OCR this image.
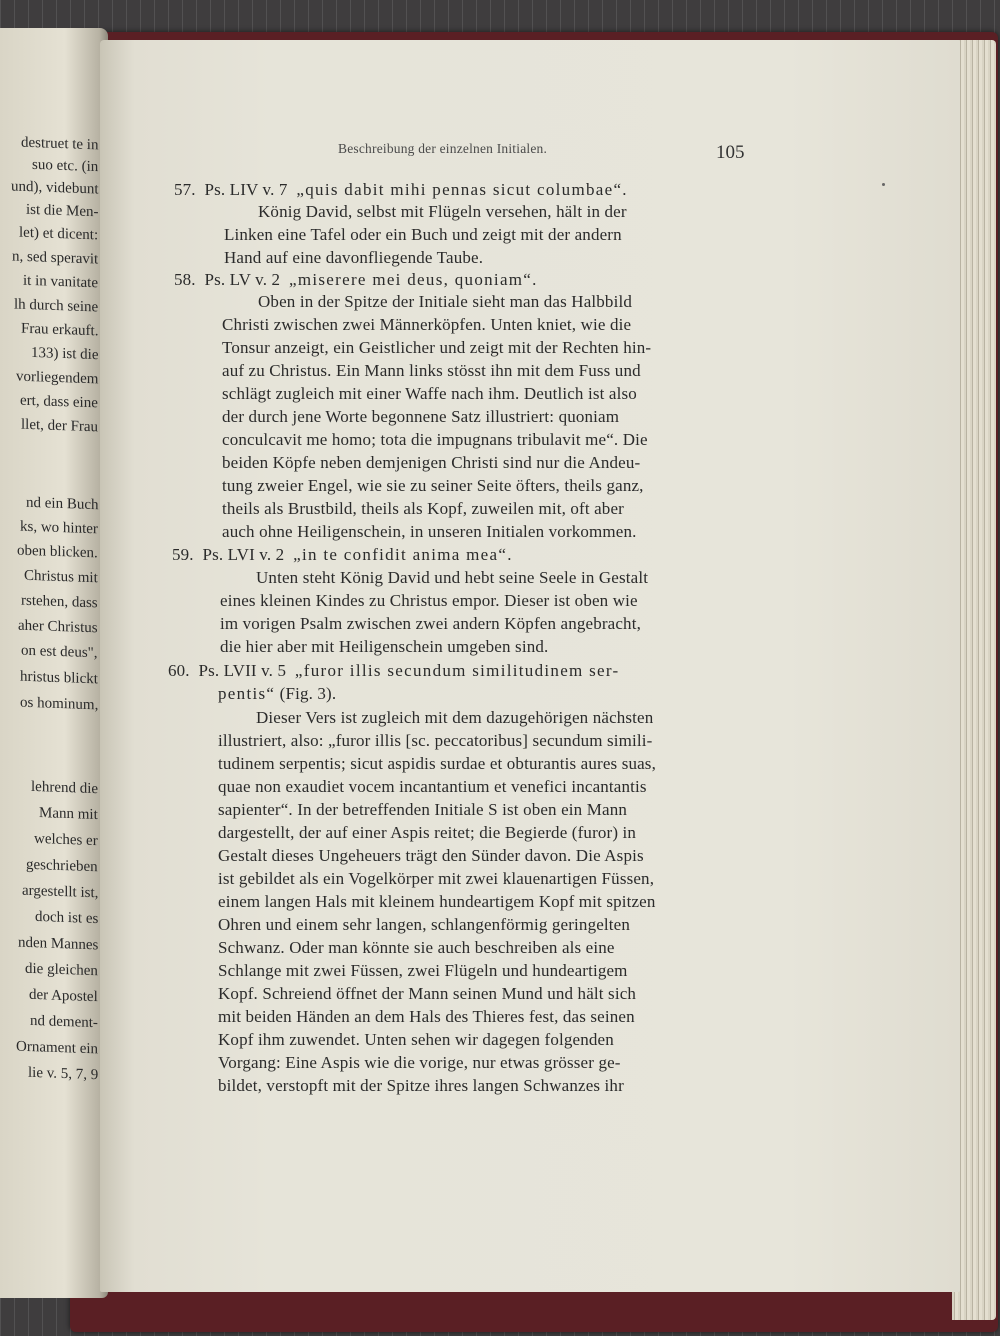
destruet te in
suo etc. (in
und), videbunt
ist die Men-
let) et dicent:
n, sed speravit
it in vanitate
lh durch seine
Frau erkauft.
133) ist die
vorliegendem
ert, dass eine
llet, der Frau
nd ein Buch
ks, wo hinter
oben blicken.
Christus mit
rstehen, dass
aher Christus
on est deus",
hristus blickt
os hominum,
lehrend die
Mann mit
welches er
geschrieben
argestellt ist,
doch ist es
nden Mannes
die gleichen
der Apostel
nd dement-
Ornament ein
lie v. 5, 7, 9
Beschreibung der einzelnen Initialen.	105
57. Ps. LIV v. 7 „quis dabit mihi pennas sicut columbae“.
König David, selbst mit Flügeln versehen, hält in der
Linken eine Tafel oder ein Buch und zeigt mit der andern
Hand auf eine davonfliegende Taube.
58. Ps. LV v. 2 „miserere mei deus, quoniam“.
Oben in der Spitze der Initiale sieht man das Halbbild
Christi zwischen zwei Männerköpfen. Unten kniet, wie die
Tonsur anzeigt, ein Geistlicher und zeigt mit der Rechten hin-
auf zu Christus. Ein Mann links stösst ihn mit dem Fuss und
schlägt zugleich mit einer Waffe nach ihm. Deutlich ist also
der durch jene Worte begonnene Satz illustriert: quoniam
conculcavit me homo; tota die impugnans tribulavit me“. Die
beiden Köpfe neben demjenigen Christi sind nur die Andeu-
tung zweier Engel, wie sie zu seiner Seite öfters, theils ganz,
theils als Brustbild, theils als Kopf, zuweilen mit, oft aber
auch ohne Heiligenschein, in unseren Initialen vorkommen.
59. Ps. LVI v. 2 „in te confidit anima mea“.
Unten steht König David und hebt seine Seele in Gestalt
eines kleinen Kindes zu Christus empor. Dieser ist oben wie
im vorigen Psalm zwischen zwei andern Köpfen angebracht,
die hier aber mit Heiligenschein umgeben sind.
60. Ps. LVII v. 5 „furor illis secundum similitudinem ser-
pentis“ (Fig. 3).
Dieser Vers ist zugleich mit dem dazugehörigen nächsten
illustriert, also: „furor illis [sc. peccatoribus] secundum simili-
tudinem serpentis; sicut aspidis surdae et obturantis aures suas,
quae non exaudiet vocem incantantium et venefici incantantis
sapienter“. In der betreffenden Initiale S ist oben ein Mann
dargestellt, der auf einer Aspis reitet; die Begierde (furor) in
Gestalt dieses Ungeheuers trägt den Sünder davon. Die Aspis
ist gebildet als ein Vogelkörper mit zwei klauenartigen Füssen,
einem langen Hals mit kleinem hundeartigem Kopf mit spitzen
Ohren und einem sehr langen, schlangenförmig geringelten
Schwanz. Oder man könnte sie auch beschreiben als eine
Schlange mit zwei Füssen, zwei Flügeln und hundeartigem
Kopf. Schreiend öffnet der Mann seinen Mund und hält sich
mit beiden Händen an dem Hals des Thieres fest, das seinen
Kopf ihm zuwendet. Unten sehen wir dagegen folgenden
Vorgang: Eine Aspis wie die vorige, nur etwas grösser ge-
bildet, verstopft mit der Spitze ihres langen Schwanzes ihr
